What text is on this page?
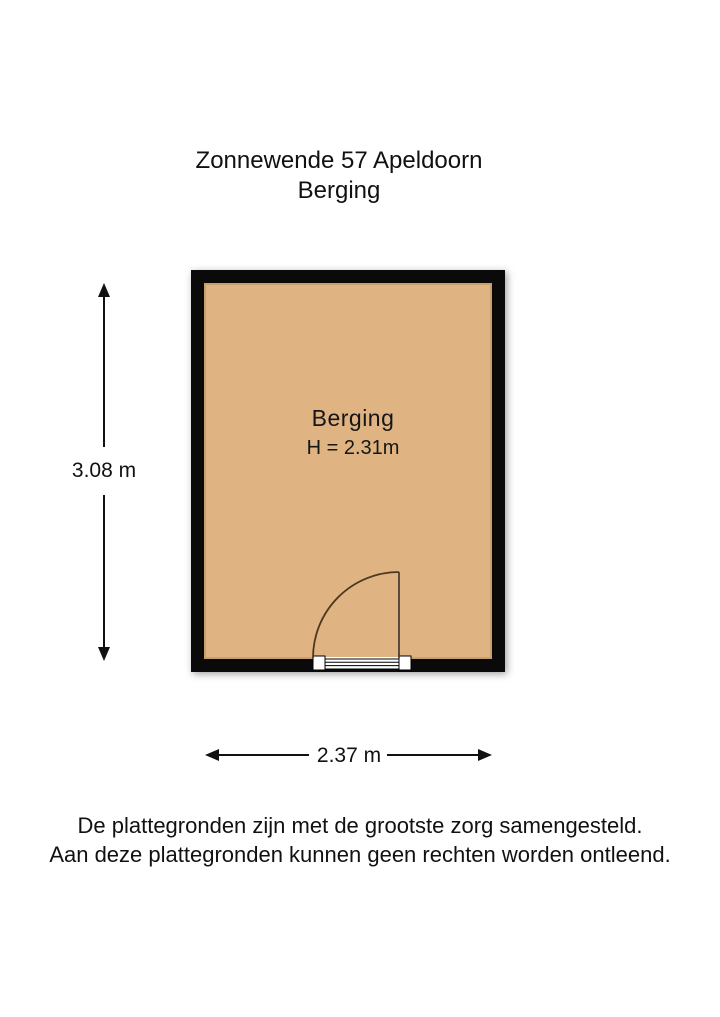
Zonnewende 57 Apeldoorn
Berging
Berging
H = 2.31m
3.08 m
2.37 m
De plattegronden zijn met de grootste zorg samengesteld.
Aan deze plattegronden kunnen geen rechten worden ontleend.
